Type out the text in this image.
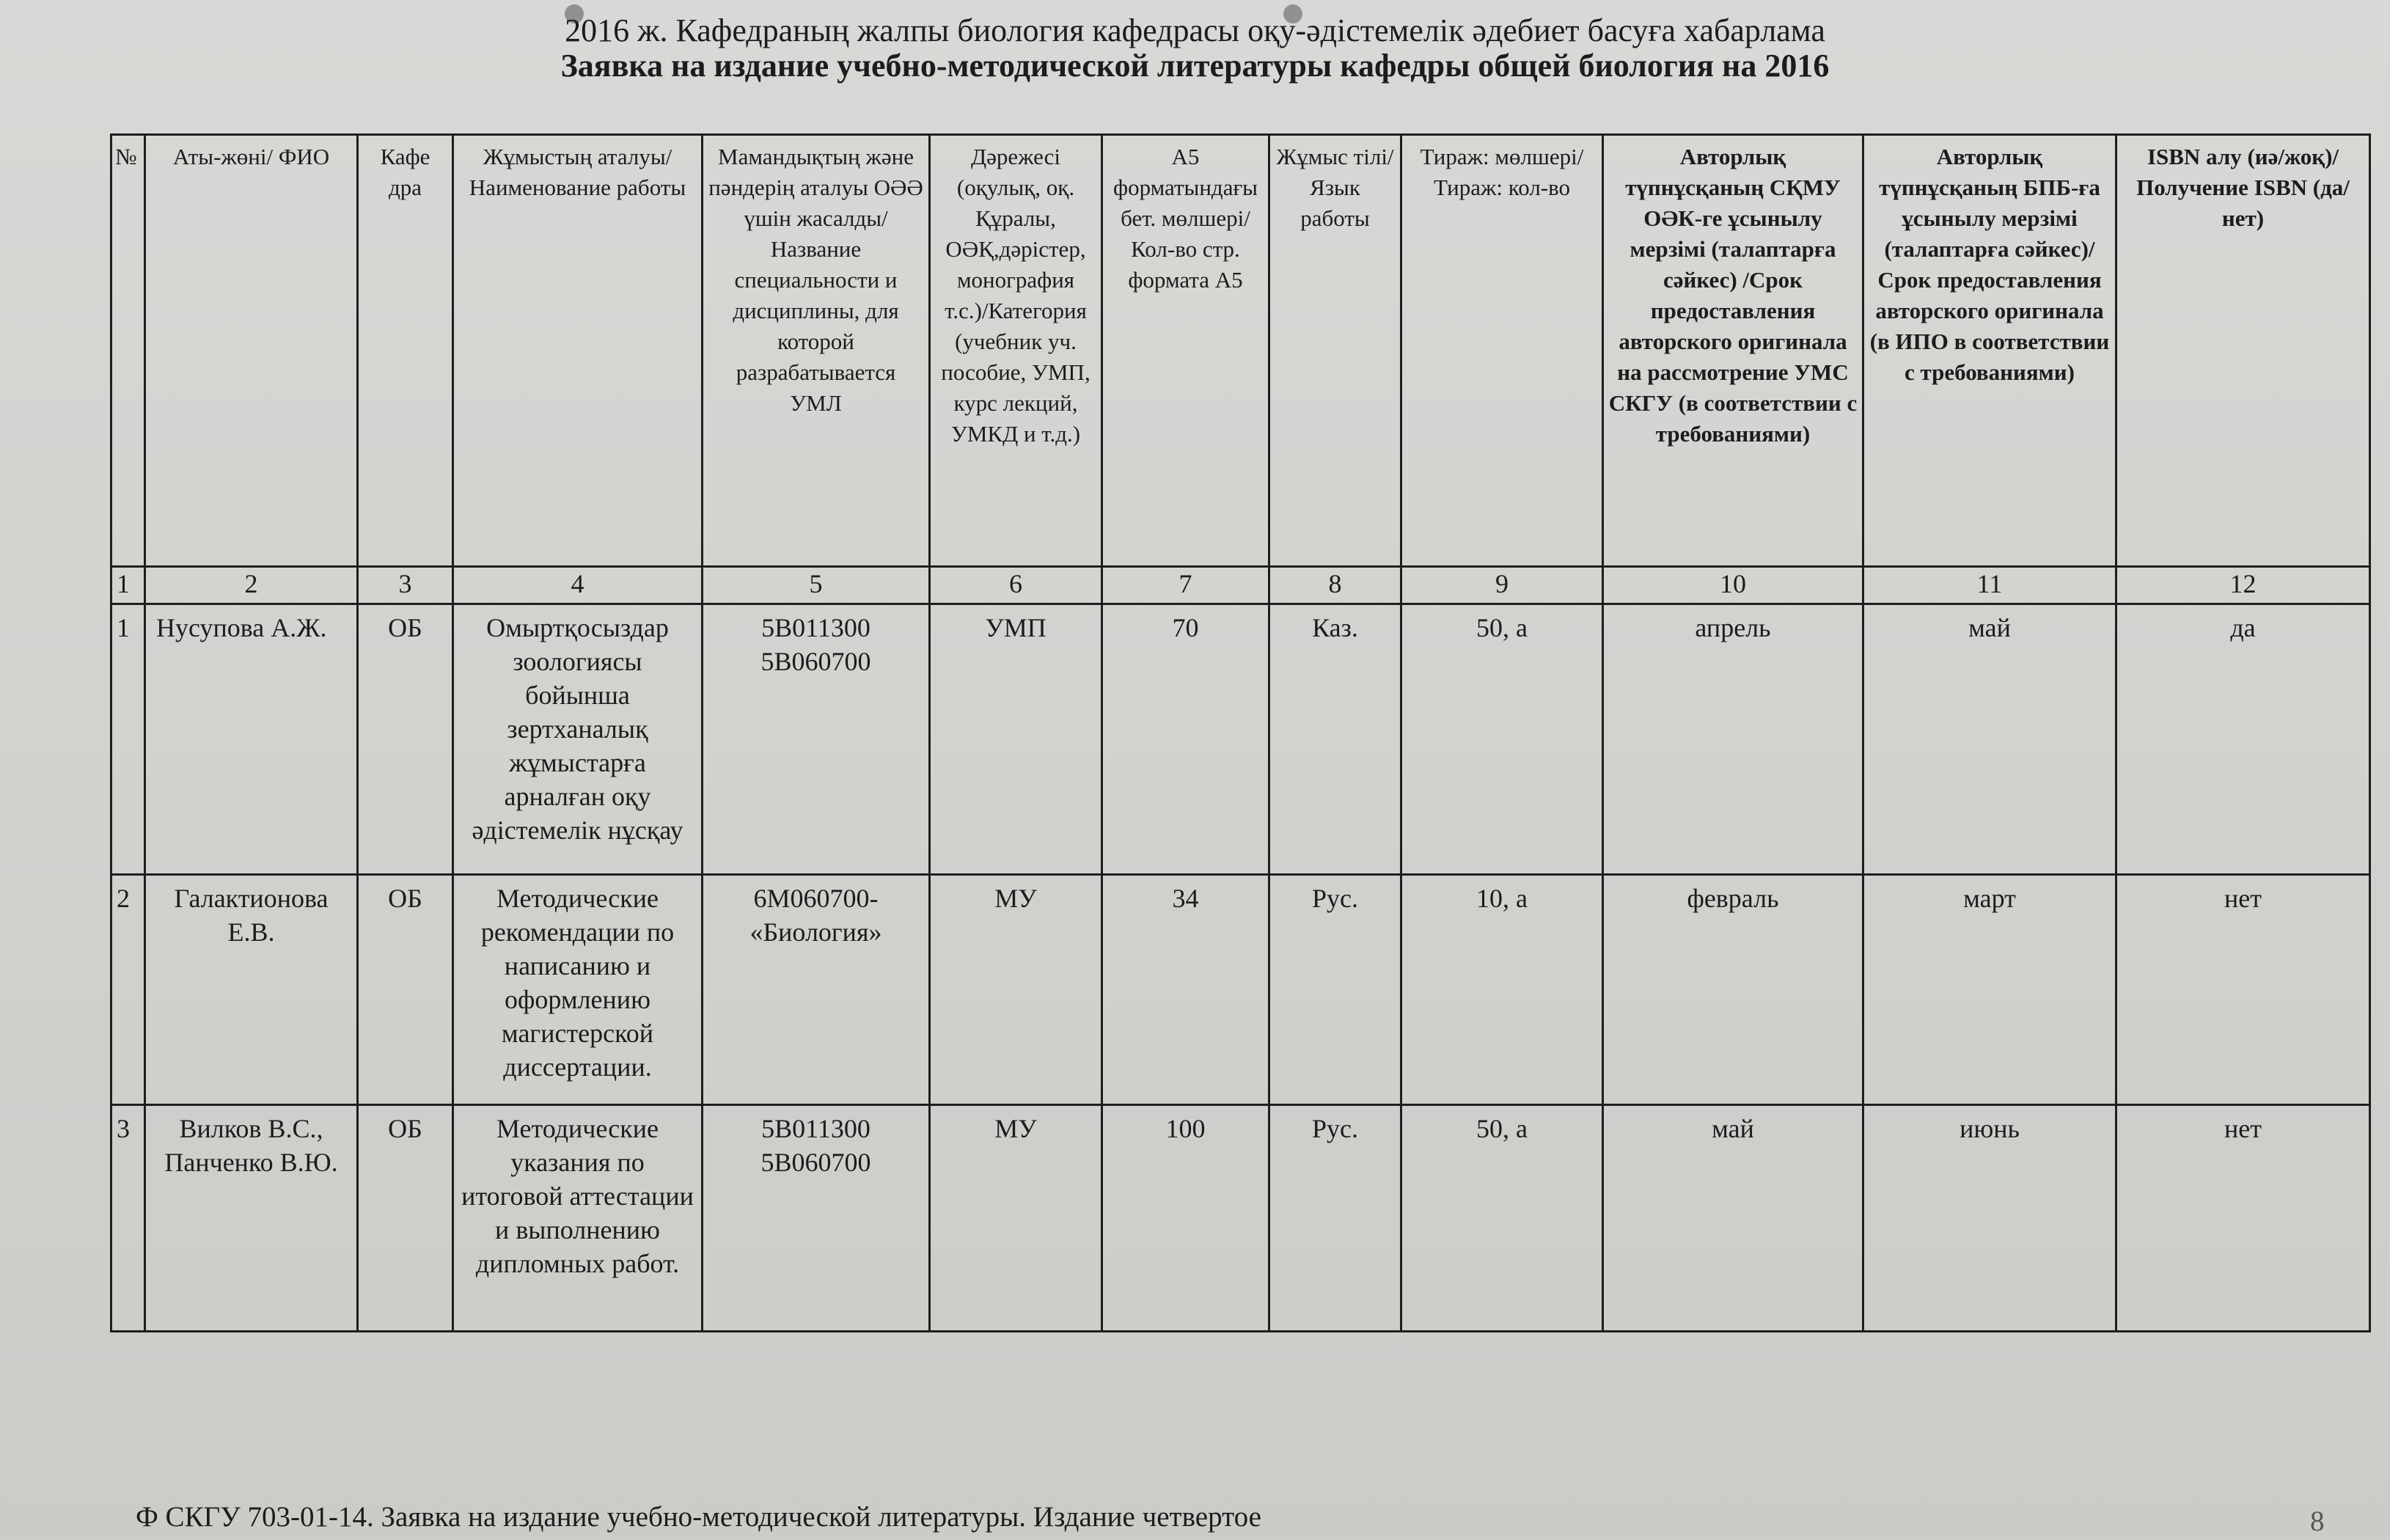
2016 ж. Кафедраның жалпы биология кафедрасы оқу-әдістемелік әдебиет басуға хабарлама
Заявка на издание учебно-методической литературы кафедры общей биология на 2016
№	Аты-жөні/ ФИО	Кафе дра	Жұмыстың аталуы/Наименование работы	Мамандықтың және пәндерің аталуы ОӘӘ үшін жасалды/Название специальности и дисциплины, для которой разрабатывается УМЛ	Дәрежесі (оқулық, оқ. Құралы, ОӘҚ,дәрістер, монография т.с.)/Категория (учебник уч. пособие, УМП, курс лекций, УМКД и т.д.)	А5 форматындағы бет. мөлшері/Кол-во стр. формата А5	Жұмыс тілі/Язык работы	Тираж: мөлшері/Тираж: кол-во	Авторлық түпнұсқаның СҚМУ ОӘК-ге ұсынылу мерзімі (талаптарға сәйкес) /Срок предоставления авторского оригинала на рассмотрение УМС СКГУ (в соответствии с требованиями)	Авторлық түпнұсқаның БПБ-ға ұсынылу мерзімі (талаптарға сәйкес)/ Срок предоставления авторского оригинала (в ИПО в соответствии с требованиями)	ISBN алу (иә/жоқ)/Получение ISBN (да/нет)
1	2	3	4	5	6	7	8	9	10	11	12
1	Нусупова А.Ж.	ОБ	Омыртқосыздар зоологиясы бойынша зертханалық жұмыстарға арналған оқу әдістемелік нұсқау	5В011300 5В060700	УМП	70	Каз.	50, а	апрель	май	да
2	Галактионова Е.В.	ОБ	Методические рекомендации по написанию и оформлению магистерской диссертации.	6М060700- «Биология»	МУ	34	Рус.	10, а	февраль	март	нет
3	Вилков В.С., Панченко В.Ю.	ОБ	Методические указания по итоговой аттестации и выполнению дипломных работ.	5В011300 5В060700	МУ	100	Рус.	50, а	май	июнь	нет
Ф СКГУ 703-01-14. Заявка на издание учебно-методической литературы. Издание четвертое	8
